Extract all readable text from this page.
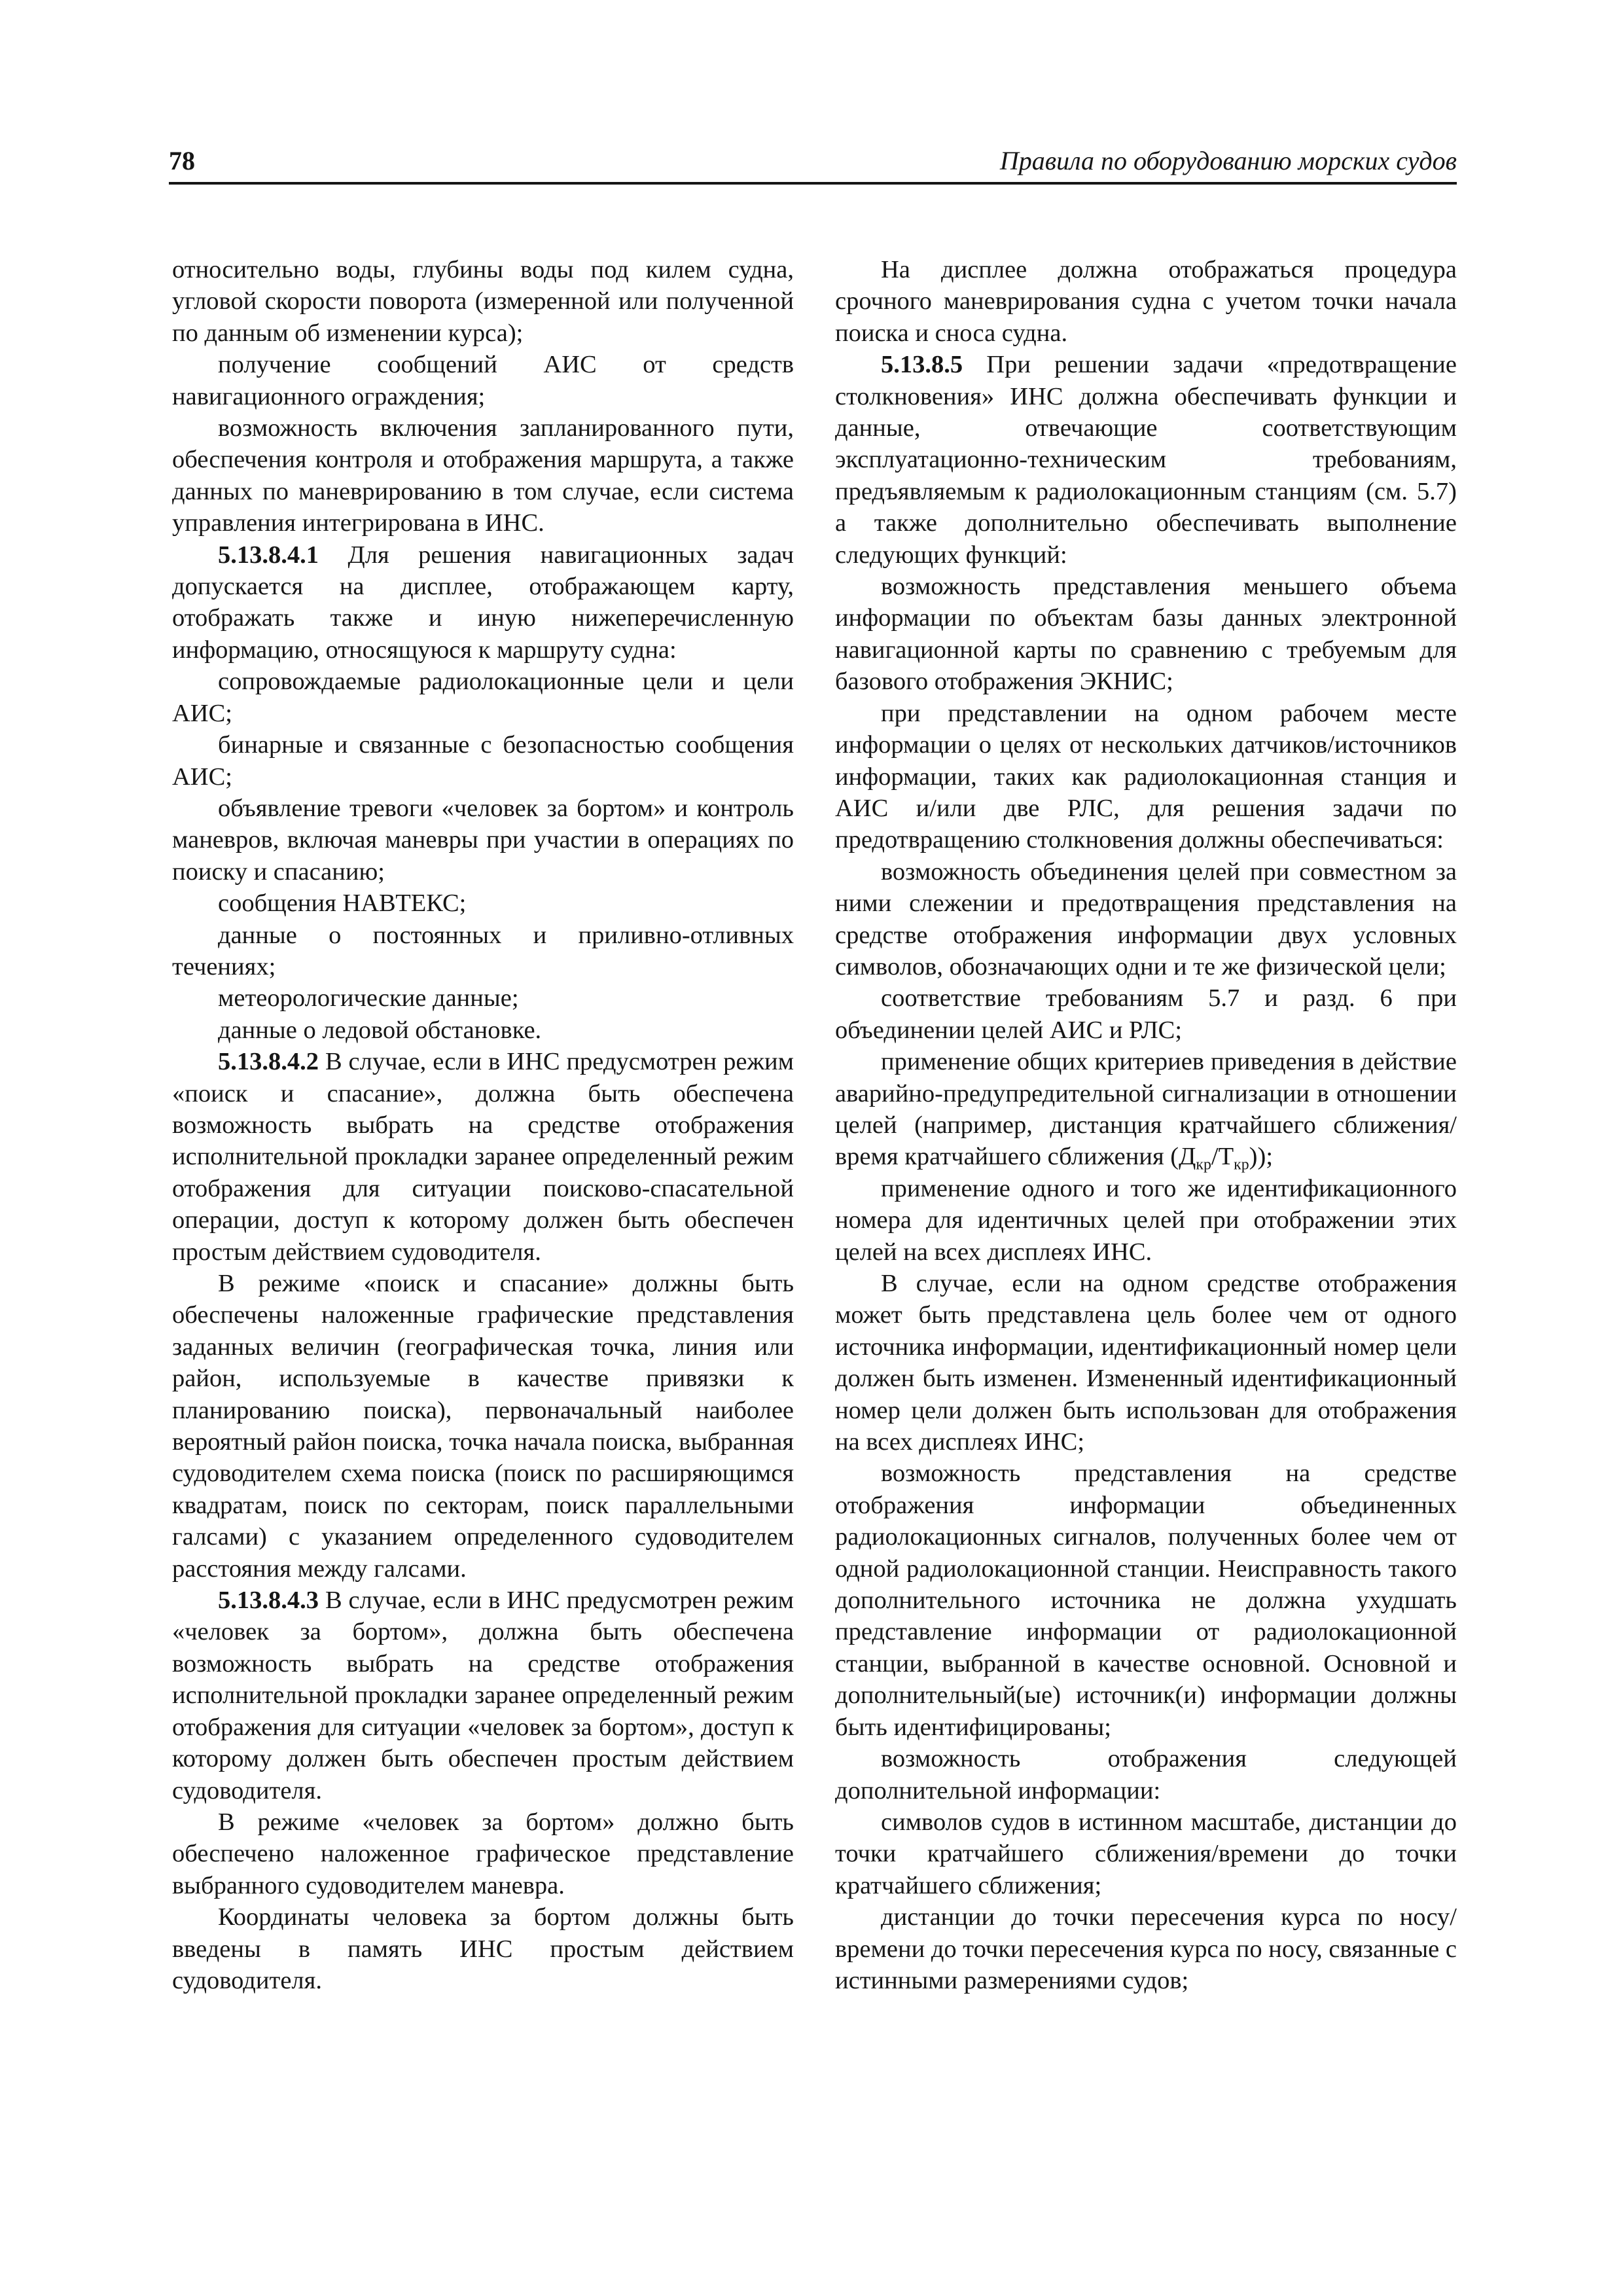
78	Правила по оборудованию морских судов

относительно воды, глубины воды под килем судна, угловой скорости поворота (измеренной или полученной по данным об изменении курса);

получение сообщений АИС от средств навигационного ограждения;

возможность включения запланированного пути, обеспечения контроля и отображения маршрута, а также данных по маневрированию в том случае, если система управления интегрирована в ИНС.

5.13.8.4.1 Для решения навигационных задач допускается на дисплее, отображающем карту, отображать также и иную нижеперечисленную информацию, относящуюся к маршруту судна:

сопровождаемые радиолокационные цели и цели АИС;

бинарные и связанные с безопасностью сообщения АИС;

объявление тревоги «человек за бортом» и контроль маневров, включая маневры при участии в операциях по поиску и спасанию;

сообщения НАВТЕКС;

данные о постоянных и приливно-отливных течениях;

метеорологические данные;

данные о ледовой обстановке.

5.13.8.4.2 В случае, если в ИНС предусмотрен режим «поиск и спасание», должна быть обеспечена возможность выбрать на средстве отображения исполнительной прокладки заранее определенный режим отображения для ситуации поисково-спасательной операции, доступ к которому должен быть обеспечен простым действием судоводителя.

В режиме «поиск и спасание» должны быть обеспечены наложенные графические представления заданных величин (географическая точка, линия или район, используемые в качестве привязки к планированию поиска), первоначальный наиболее вероятный район поиска, точка начала поиска, выбранная судоводителем схема поиска (поиск по расширяющимся квадратам, поиск по секторам, поиск параллельными галсами) с указанием определенного судоводителем расстояния между галсами.

5.13.8.4.3 В случае, если в ИНС предусмотрен режим «человек за бортом», должна быть обеспечена возможность выбрать на средстве отображения исполнительной прокладки заранее определенный режим отображения для ситуации «человек за бортом», доступ к которому должен быть обеспечен простым действием судоводителя.

В режиме «человек за бортом» должно быть обеспечено наложенное графическое представление выбранного судоводителем маневра.

Координаты человека за бортом должны быть введены в память ИНС простым действием судоводителя.

На дисплее должна отображаться процедура срочного маневрирования судна с учетом точки начала поиска и сноса судна.

5.13.8.5 При решении задачи «предотвращение столкновения» ИНС должна обеспечивать функции и данные, отвечающие соответствующим эксплуатационно-техническим требованиям, предъявляемым к радиолокационным станциям (см. 5.7) а также дополнительно обеспечивать выполнение следующих функций:

возможность представления меньшего объема информации по объектам базы данных электронной навигационной карты по сравнению с требуемым для базового отображения ЭКНИС;

при представлении на одном рабочем месте информации о целях от нескольких датчиков/источников информации, таких как радиолокационная станция и АИС и/или две РЛС, для решения задачи по предотвращению столкновения должны обеспечиваться:

возможность объединения целей при совместном за ними слежении и предотвращения представления на средстве отображения информации двух условных символов, обозначающих одни и те же физической цели;

соответствие требованиям 5.7 и разд. 6 при объединении целей АИС и РЛС;

применение общих критериев приведения в действие аварийно-предупредительной сигнализации в отношении целей (например, дистанция кратчайшего сближения/время кратчайшего сближения $(Д_{кр}/Т_{кр})$);

применение одного и того же идентификационного номера для идентичных целей при отображении этих целей на всех дисплеях ИНС.

В случае, если на одном средстве отображения может быть представлена цель более чем от одного источника информации, идентификационный номер цели должен быть изменен. Измененный идентификационный номер цели должен быть использован для отображения на всех дисплеях ИНС;

возможность представления на средстве отображения информации объединенных радиолокационных сигналов, полученных более чем от одной радиолокационной станции. Неисправность такого дополнительного источника не должна ухудшать представление информации от радиолокационной станции, выбранной в качестве основной. Основной и дополнительный(ые) источник(и) информации должны быть идентифицированы;

возможность отображения следующей дополнительной информации:

символов судов в истинном масштабе, дистанции до точки кратчайшего сближения/времени до точки кратчайшего сближения;

дистанции до точки пересечения курса по носу/времени до точки пересечения курса по носу, связанные с истинными размерениями судов;
